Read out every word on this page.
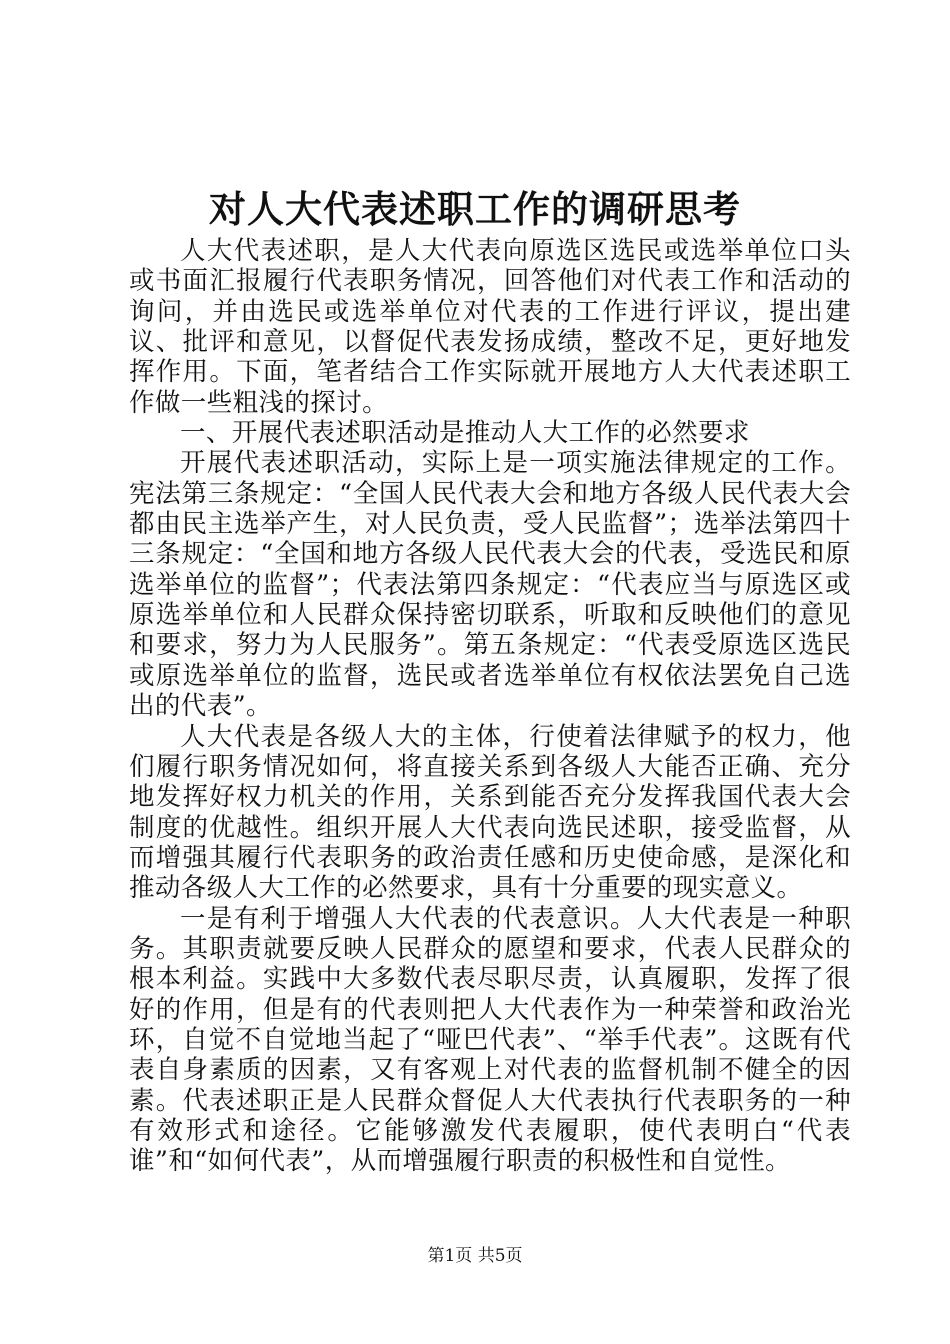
对人大代表述职工作的调研思考

人大代表述职，是人大代表向原选区选民或选举单位口头或书面汇报履行代表职务情况，回答他们对代表工作和活动的询问，并由选民或选举单位对代表的工作进行评议，提出建议、批评和意见，以督促代表发扬成绩，整改不足，更好地发挥作用。下面，笔者结合工作实际就开展地方人大代表述职工作做一些粗浅的探讨。

一、开展代表述职活动是推动人大工作的必然要求

开展代表述职活动，实际上是一项实施法律规定的工作。宪法第三条规定：“全国人民代表大会和地方各级人民代表大会都由民主选举产生，对人民负责，受人民监督”；选举法第四十三条规定：“全国和地方各级人民代表大会的代表，受选民和原选举单位的监督”；代表法第四条规定：“代表应当与原选区或原选举单位和人民群众保持密切联系，听取和反映他们的意见和要求，努力为人民服务”。第五条规定：“代表受原选区选民或原选举单位的监督，选民或者选举单位有权依法罢免自己选出的代表”。

人大代表是各级人大的主体，行使着法律赋予的权力，他们履行职务情况如何，将直接关系到各级人大能否正确、充分地发挥好权力机关的作用，关系到能否充分发挥我国代表大会制度的优越性。组织开展人大代表向选民述职，接受监督，从而增强其履行代表职务的政治责任感和历史使命感，是深化和推动各级人大工作的必然要求，具有十分重要的现实意义。

一是有利于增强人大代表的代表意识。人大代表是一种职务。其职责就要反映人民群众的愿望和要求，代表人民群众的根本利益。实践中大多数代表尽职尽责，认真履职，发挥了很好的作用，但是有的代表则把人大代表作为一种荣誉和政治光环，自觉不自觉地当起了“哑巴代表”、“举手代表”。这既有代表自身素质的因素，又有客观上对代表的监督机制不健全的因素。代表述职正是人民群众督促人大代表执行代表职务的一种有效形式和途径。它能够激发代表履职，使代表明白“代表谁”和“如何代表”，从而增强履行职责的积极性和自觉性。

第1页 共5页
